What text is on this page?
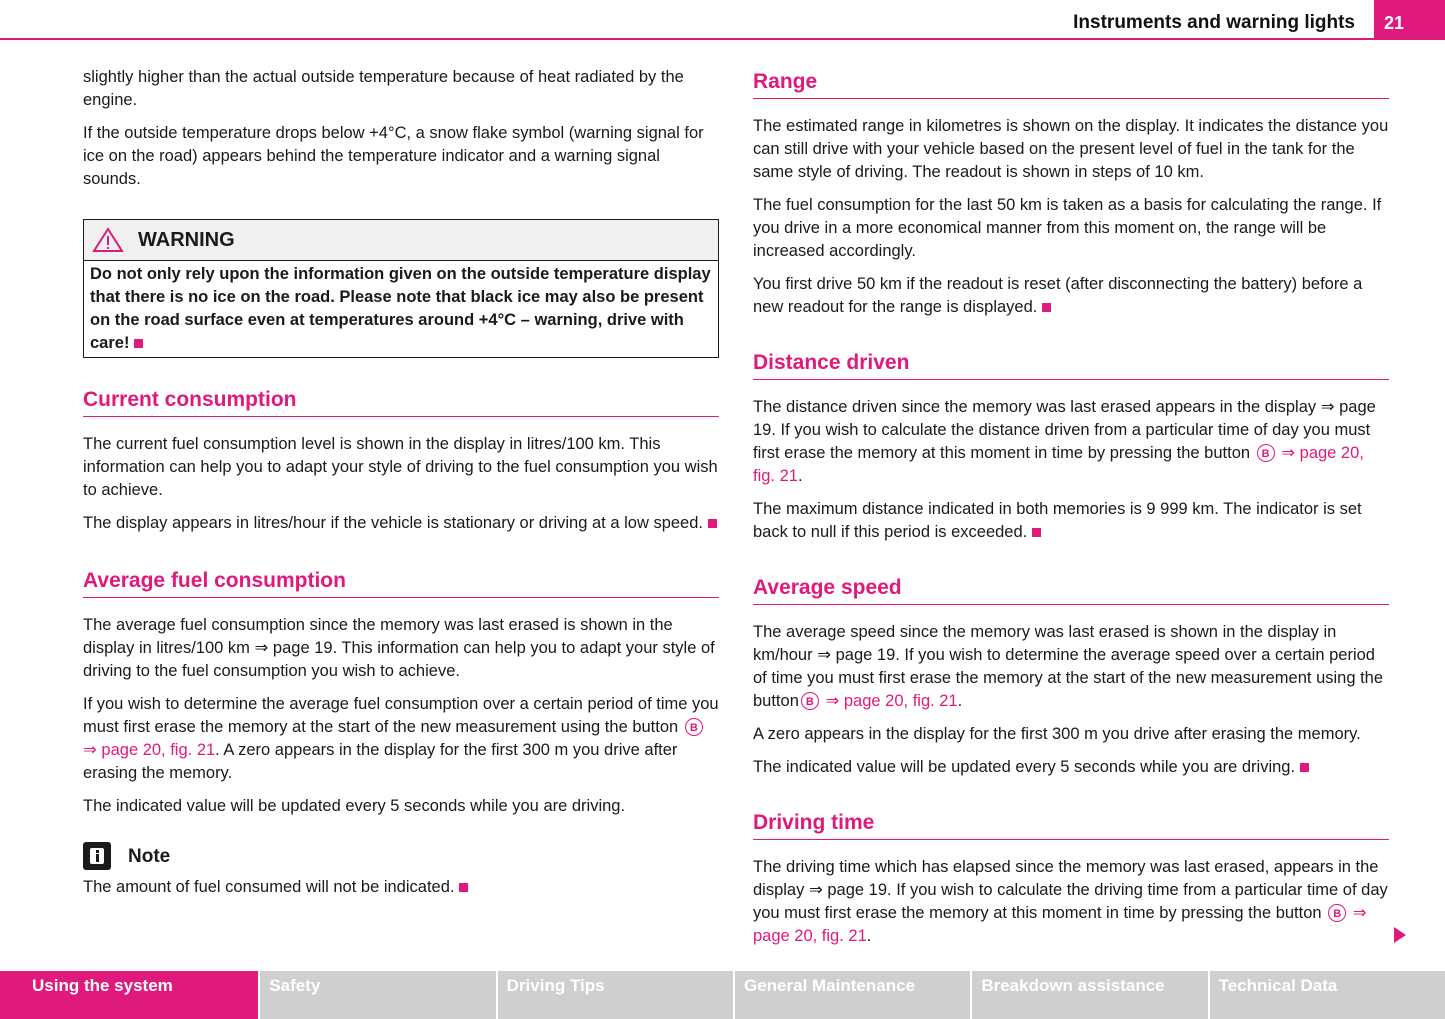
Instruments and warning lights	21

slightly higher than the actual outside temperature because of heat radiated by the engine.

If the outside temperature drops below +4°C, a snow flake symbol (warning signal for ice on the road) appears behind the temperature indicator and a warning signal sounds.

WARNING
Do not only rely upon the information given on the outside temperature display that there is no ice on the road. Please note that black ice may also be present on the road surface even at temperatures around +4°C – warning, drive with care!
Current consumption

The current fuel consumption level is shown in the display in litres/100 km. This information can help you to adapt your style of driving to the fuel consumption you wish to achieve.

The display appears in litres/hour if the vehicle is stationary or driving at a low speed.

Average fuel consumption

The average fuel consumption since the memory was last erased is shown in the display in litres/100 km ⇒ page 19. This information can help you to adapt your style of driving to the fuel consumption you wish to achieve.

If you wish to determine the average fuel consumption over a certain period of time you must first erase the memory at the start of the new measurement using the button B ⇒ page 20, fig. 21. A zero appears in the display for the first 300 m you drive after erasing the memory.

The indicated value will be updated every 5 seconds while you are driving.

Note

The amount of fuel consumed will not be indicated.

Range

The estimated range in kilometres is shown on the display. It indicates the distance you can still drive with your vehicle based on the present level of fuel in the tank for the same style of driving. The readout is shown in steps of 10 km.

The fuel consumption for the last 50 km is taken as a basis for calculating the range. If you drive in a more economical manner from this moment on, the range will be increased accordingly.

You first drive 50 km if the readout is reset (after disconnecting the battery) before a new readout for the range is displayed.

Distance driven

The distance driven since the memory was last erased appears in the display ⇒ page 19. If you wish to calculate the distance driven from a particular time of day you must first erase the memory at this moment in time by pressing the button B ⇒ page 20, fig. 21.

The maximum distance indicated in both memories is 9 999 km. The indicator is set back to null if this period is exceeded.

Average speed

The average speed since the memory was last erased is shown in the display in km/hour ⇒ page 19. If you wish to determine the average speed over a certain period of time you must first erase the memory at the start of the new measurement using the button B ⇒ page 20, fig. 21.

A zero appears in the display for the first 300 m you drive after erasing the memory.

The indicated value will be updated every 5 seconds while you are driving.

Driving time

The driving time which has elapsed since the memory was last erased, appears in the display ⇒ page 19. If you wish to calculate the driving time from a particular time of day you must first erase the memory at this moment in time by pressing the button B ⇒ page 20, fig. 21.

Using the system	Safety	Driving Tips	General Maintenance	Breakdown assistance	Technical Data
